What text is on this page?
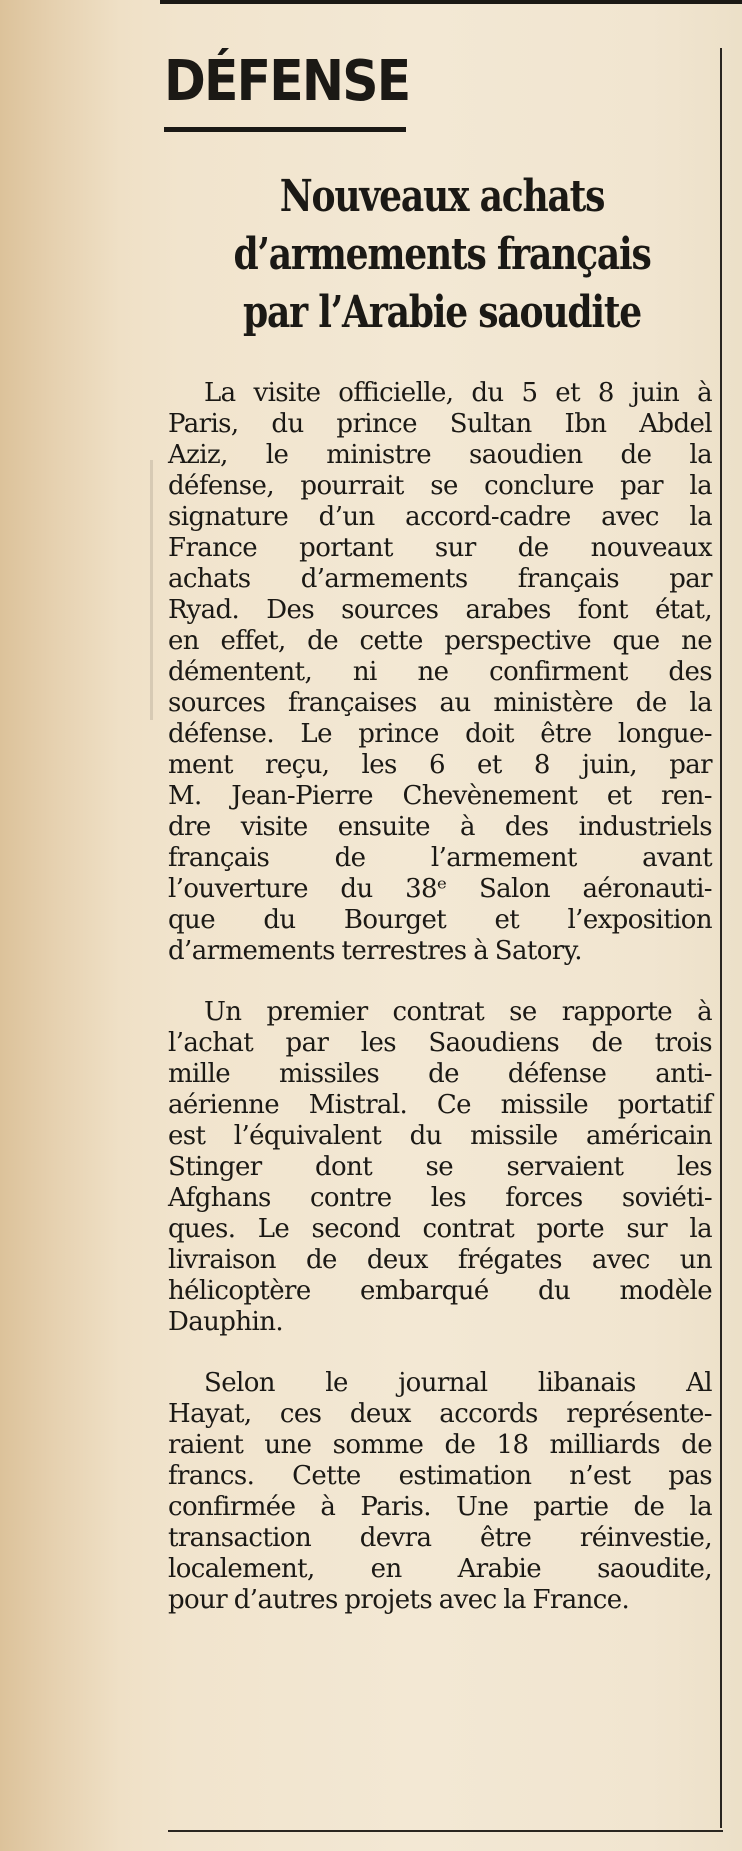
DÉFENSE
Nouveaux achats
d’armements français
par l’Arabie saoudite

La visite officielle, du 5 et 8 juin à
Paris, du prince Sultan Ibn Abdel
Aziz, le ministre saoudien de la
défense, pourrait se conclure par la
signature d’un accord-cadre avec la
France portant sur de nouveaux
achats d’armements français par
Ryad. Des sources arabes font état,
en effet, de cette perspective que ne
démentent, ni ne confirment des
sources françaises au ministère de la
défense. Le prince doit être longue-
ment reçu, les 6 et 8 juin, par
M. Jean-Pierre Chevènement et ren-
dre visite ensuite à des industriels
français de l’armement avant
l’ouverture du 38ᵉ Salon aéronauti-
que du Bourget et l’exposition
d’armements terrestres à Satory.

Un premier contrat se rapporte à
l’achat par les Saoudiens de trois
mille missiles de défense anti-
aérienne Mistral. Ce missile portatif
est l’équivalent du missile américain
Stinger dont se servaient les
Afghans contre les forces soviéti-
ques. Le second contrat porte sur la
livraison de deux frégates avec un
hélicoptère embarqué du modèle
Dauphin.

Selon le journal libanais Al
Hayat, ces deux accords représente-
raient une somme de 18 milliards de
francs. Cette estimation n’est pas
confirmée à Paris. Une partie de la
transaction devra être réinvestie,
localement, en Arabie saoudite,
pour d’autres projets avec la France.
